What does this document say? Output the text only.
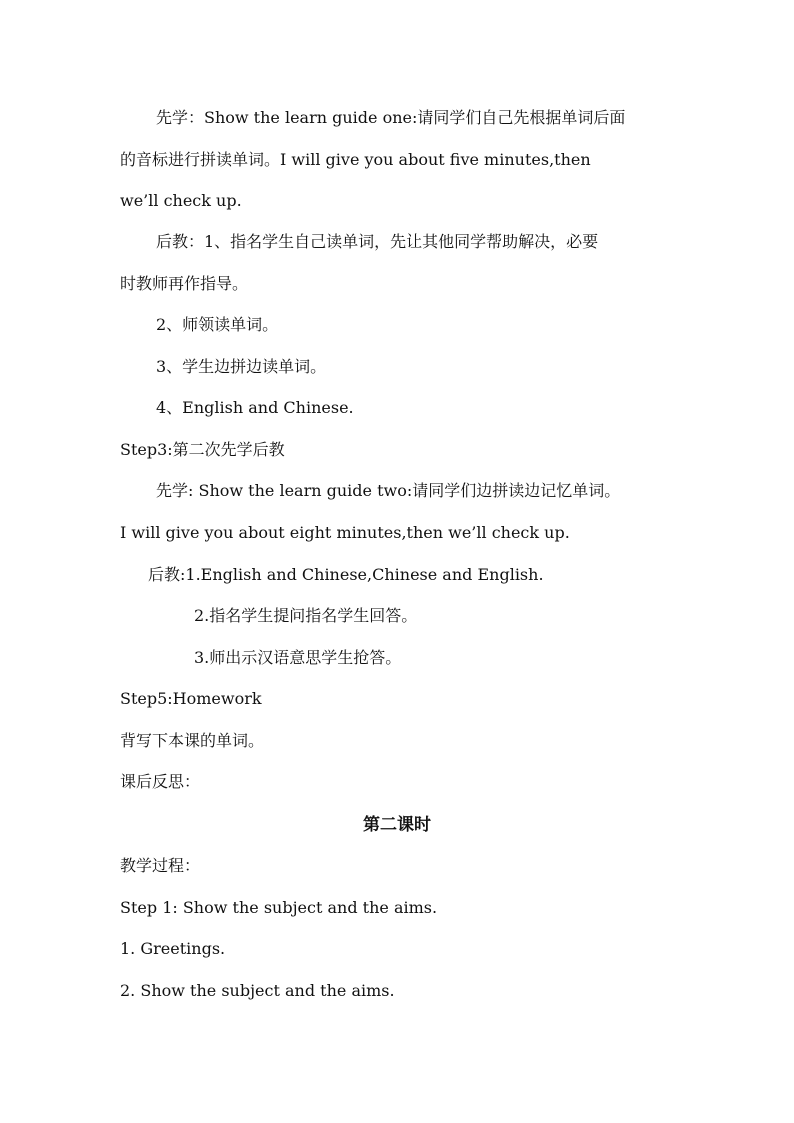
先学：Show the learn guide one:请同学们自己先根据单词后面
的音标进行拼读单词。I will give you about five minutes,then
we’ll check up.
后教：1、指名学生自己读单词，先让其他同学帮助解决，必要
时教师再作指导。
2、师领读单词。
3、学生边拼边读单词。
4、English and Chinese.
Step3:第二次先学后教
先学: Show the learn guide two:请同学们边拼读边记忆单词。
I will give you about eight minutes,then we’ll check up.
后教:1.English and Chinese,Chinese and English.
2.指名学生提问指名学生回答。
3.师出示汉语意思学生抢答。
Step5:Homework
背写下本课的单词。
课后反思：
第二课时
教学过程：
Step 1: Show the subject and the aims.
1. Greetings.
2. Show the subject and the aims.
